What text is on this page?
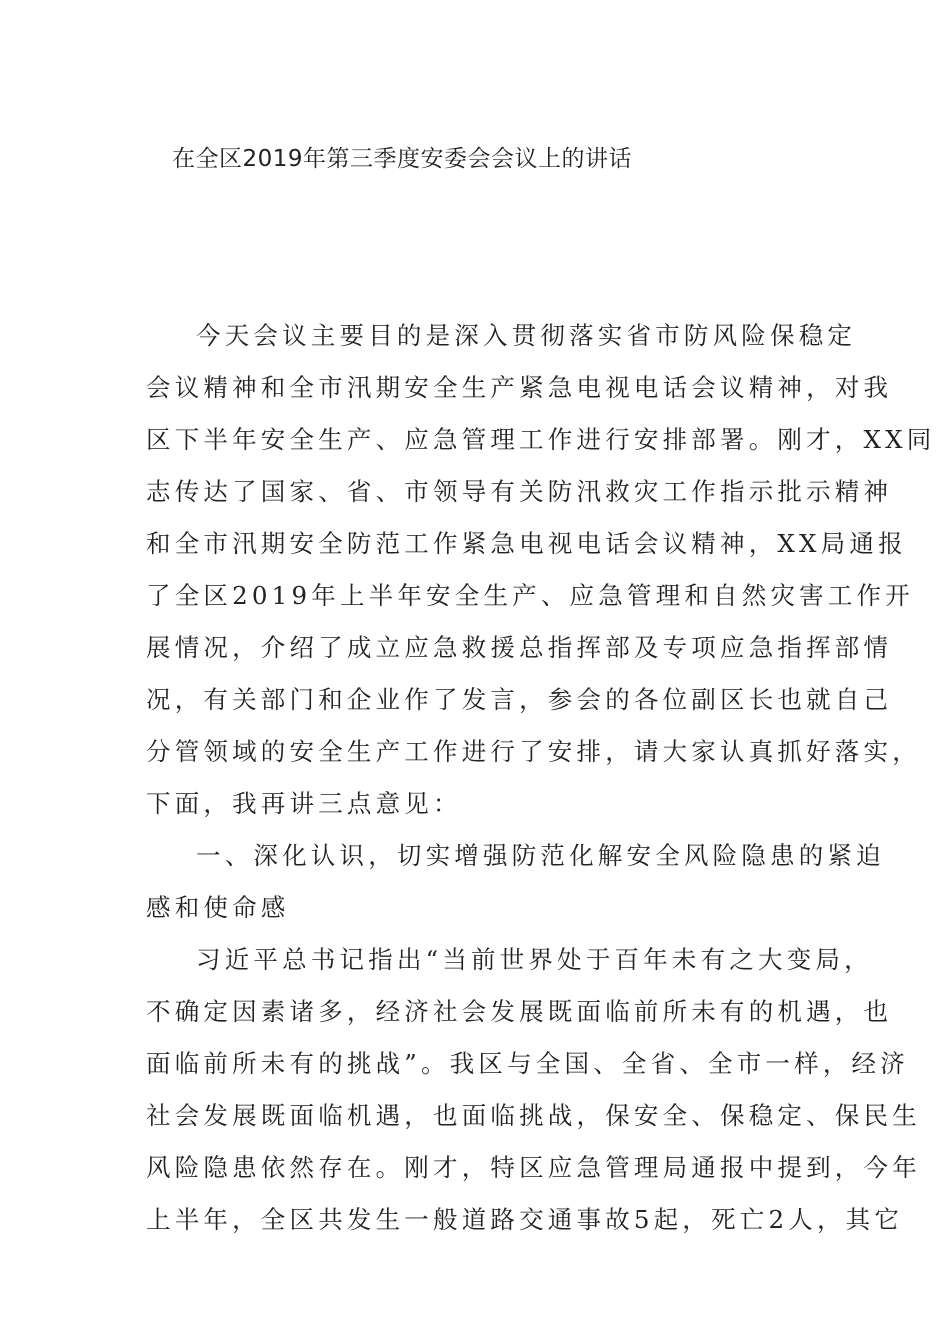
在全区2019年第三季度安委会会议上的讲话
今天会议主要目的是深入贯彻落实省市防风险保稳定
会议精神和全市汛期安全生产紧急电视电话会议精神，对我
区下半年安全生产、应急管理工作进行安排部署。刚才，XX同
志传达了国家、省、市领导有关防汛救灾工作指示批示精神
和全市汛期安全防范工作紧急电视电话会议精神，XX局通报
了全区2019年上半年安全生产、应急管理和自然灾害工作开
展情况，介绍了成立应急救援总指挥部及专项应急指挥部情
况，有关部门和企业作了发言，参会的各位副区长也就自己
分管领域的安全生产工作进行了安排，请大家认真抓好落实，
下面，我再讲三点意见：
一、深化认识，切实增强防范化解安全风险隐患的紧迫
感和使命感
习近平总书记指出“当前世界处于百年未有之大变局，
不确定因素诸多，经济社会发展既面临前所未有的机遇，也
面临前所未有的挑战”。我区与全国、全省、全市一样，经济
社会发展既面临机遇，也面临挑战，保安全、保稳定、保民生
风险隐患依然存在。刚才，特区应急管理局通报中提到，今年
上半年，全区共发生一般道路交通事故5起，死亡2人，其它
